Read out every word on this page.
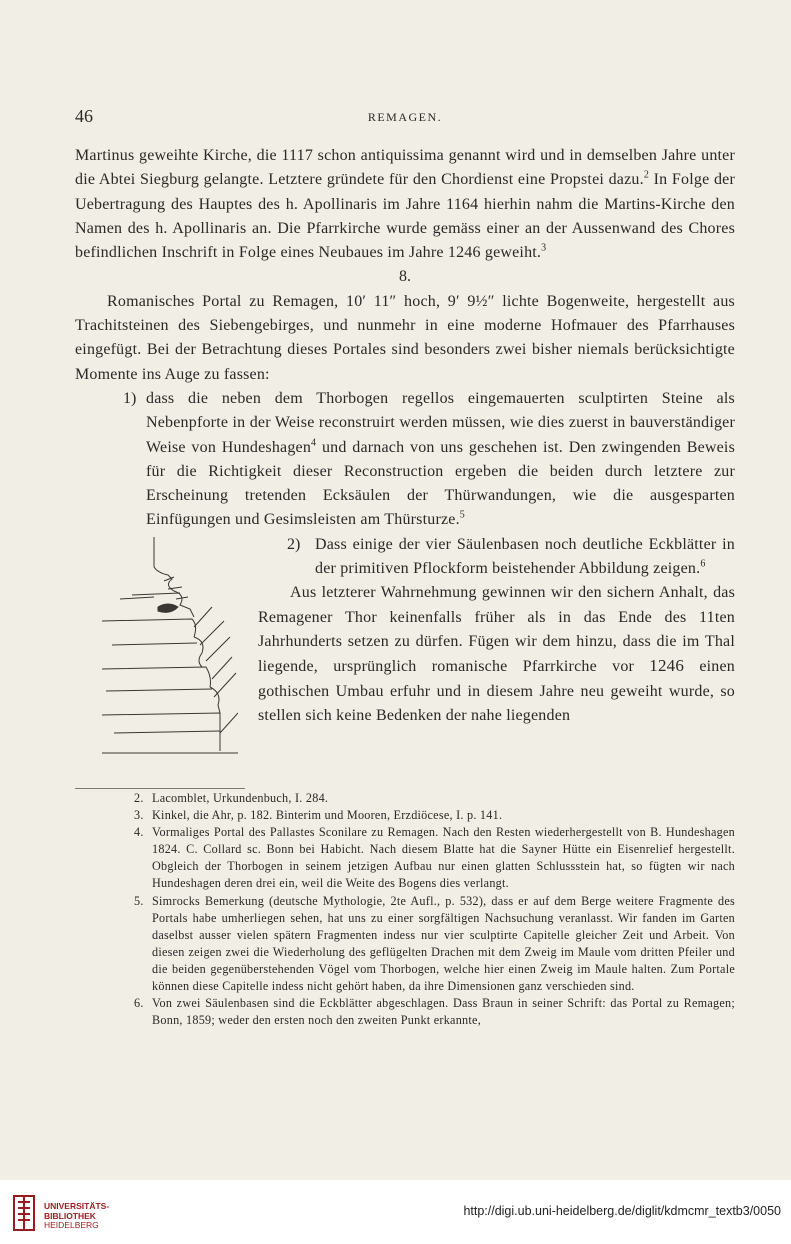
46	REMAGEN.

Martinus geweihte Kirche, die 1117 schon antiquissima genannt wird und in demselben Jahre unter die Abtei Siegburg gelangte. Letztere gründete für den Chordienst eine Propstei dazu.$^2$ In Folge der Uebertragung des Hauptes des h. Apollinaris im Jahre 1164 hierhin nahm die Martins-Kirche den Namen des h. Apollinaris an. Die Pfarrkirche wurde gemäss einer an der Aussenwand des Chores befindlichen Inschrift in Folge eines Neubaues im Jahre 1246 geweiht.$^3$

8.

Romanisches Portal zu Remagen, 10′ 11″ hoch, 9′ 9½″ lichte Bogenweite, hergestellt aus Trachitsteinen des Siebengebirges, und nunmehr in eine moderne Hofmauer des Pfarrhauses eingefügt. Bei der Betrachtung dieses Portales sind besonders zwei bisher niemals berücksichtigte Momente ins Auge zu fassen:

1) dass die neben dem Thorbogen regellos eingemauerten sculptirten Steine als Nebenpforte in der Weise reconstruirt werden müssen, wie dies zuerst in bauverständiger Weise von Hundeshagen$^4$ und darnach von uns geschehen ist. Den zwingenden Beweis für die Richtigkeit dieser Reconstruction ergeben die beiden durch letztere zur Erscheinung tretenden Ecksäulen der Thürwandungen, wie die ausgesparten Einfügungen und Gesimsleisten am Thürsturze.$^5$

2) Dass einige der vier Säulenbasen noch deutliche Eckblätter in der primitiven Pflockform beistehender Abbildung zeigen.$^6$

Aus letzterer Wahrnehmung gewinnen wir den sichern Anhalt, das Remagener Thor keinenfalls früher als in das Ende des 11ten Jahrhunderts setzen zu dürfen. Fügen wir dem hinzu, dass die im Thal liegende, ursprünglich romanische Pfarrkirche vor 1246 einen gothischen Umbau erfuhr und in diesem Jahre neu geweiht wurde, so stellen sich keine Bedenken der nahe liegenden

2. Lacomblet, Urkundenbuch, I. 284.

3. Kinkel, die Ahr, p. 182. Binterim und Mooren, Erzdiöcese, I. p. 141.

4. Vormaliges Portal des Pallastes Sconilare zu Remagen. Nach den Resten wiederhergestellt von B. Hundeshagen 1824. C. Collard sc. Bonn bei Habicht. Nach diesem Blatte hat die Sayner Hütte ein Eisenrelief hergestellt. Obgleich der Thorbogen in seinem jetzigen Aufbau nur einen glatten Schlussstein hat, so fügten wir nach Hundeshagen deren drei ein, weil die Weite des Bogens dies verlangt.

5. Simrocks Bemerkung (deutsche Mythologie, 2te Aufl., p. 532), dass er auf dem Berge weitere Fragmente des Portals habe umherliegen sehen, hat uns zu einer sorgfältigen Nachsuchung veranlasst. Wir fanden im Garten daselbst ausser vielen spätern Fragmenten indess nur vier sculptirte Capitelle gleicher Zeit und Arbeit. Von diesen zeigen zwei die Wiederholung des geflügelten Drachen mit dem Zweig im Maule vom dritten Pfeiler und die beiden gegenüberstehenden Vögel vom Thorbogen, welche hier einen Zweig im Maule halten. Zum Portale können diese Capitelle indess nicht gehört haben, da ihre Dimensionen ganz verschieden sind.

6. Von zwei Säulenbasen sind die Eckblätter abgeschlagen. Dass Braun in seiner Schrift: das Portal zu Remagen; Bonn, 1859; weder den ersten noch den zweiten Punkt erkannte,

UNIVERSITÄTS-
BIBLIOTHEK
HEIDELBERG
http://digi.ub.uni-heidelberg.de/diglit/kdmcmr_textb3/0050
